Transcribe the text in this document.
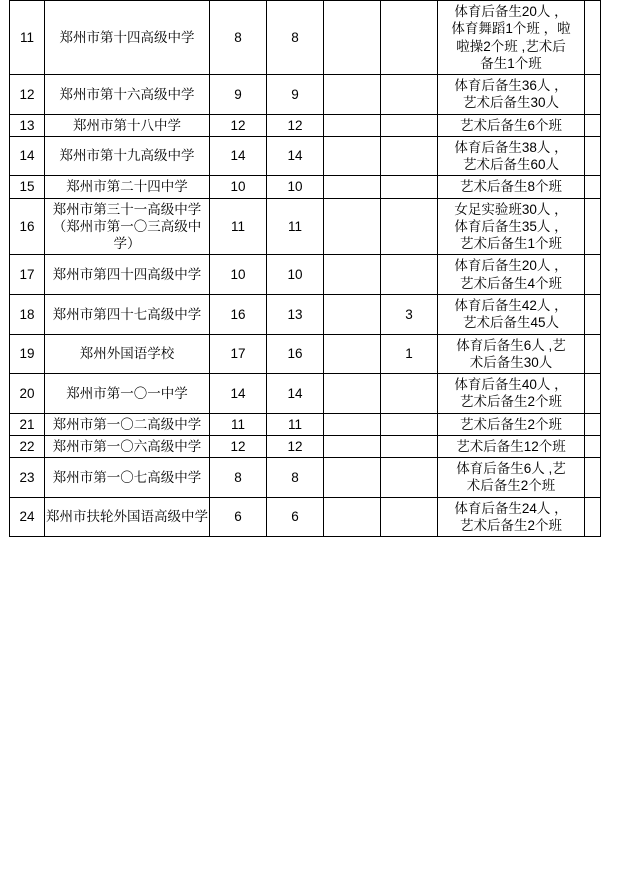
11	郑州市第十四高级中学	8	8			体育后备生20人 ，
体育舞蹈1个班 ，啦
啦操2个班 ,艺术后
备生1个班	

12	郑州市第十六高级中学	9	9			体育后备生36人 ，
艺术后备生30人	

13	郑州市第十八中学	12	12			艺术后备生6个班	

14	郑州市第十九高级中学	14	14			体育后备生38人 ，
艺术后备生60人	

15	郑州市第二十四中学	10	10			艺术后备生8个班	

16	郑州市第三十一高级中学（郑州市第一〇三高级中学）	11	11			女足实验班30人 ，
体育后备生35人 ，
艺术后备生1个班	

17	郑州市第四十四高级中学	10	10			体育后备生20人 ，
艺术后备生4个班	

18	郑州市第四十七高级中学	16	13		3	体育后备生42人 ，
艺术后备生45人	

19	郑州外国语学校	17	16		1	体育后备生6人 ,艺
术后备生30人	

20	郑州市第一〇一中学	14	14			体育后备生40人 ，
艺术后备生2个班	

21	郑州市第一〇二高级中学	11	11			艺术后备生2个班	

22	郑州市第一〇六高级中学	12	12			艺术后备生12个班	

23	郑州市第一〇七高级中学	8	8			体育后备生6人 ,艺
术后备生2个班	

24	郑州市扶轮外国语高级中学	6	6			体育后备生24人 ，
艺术后备生2个班	
